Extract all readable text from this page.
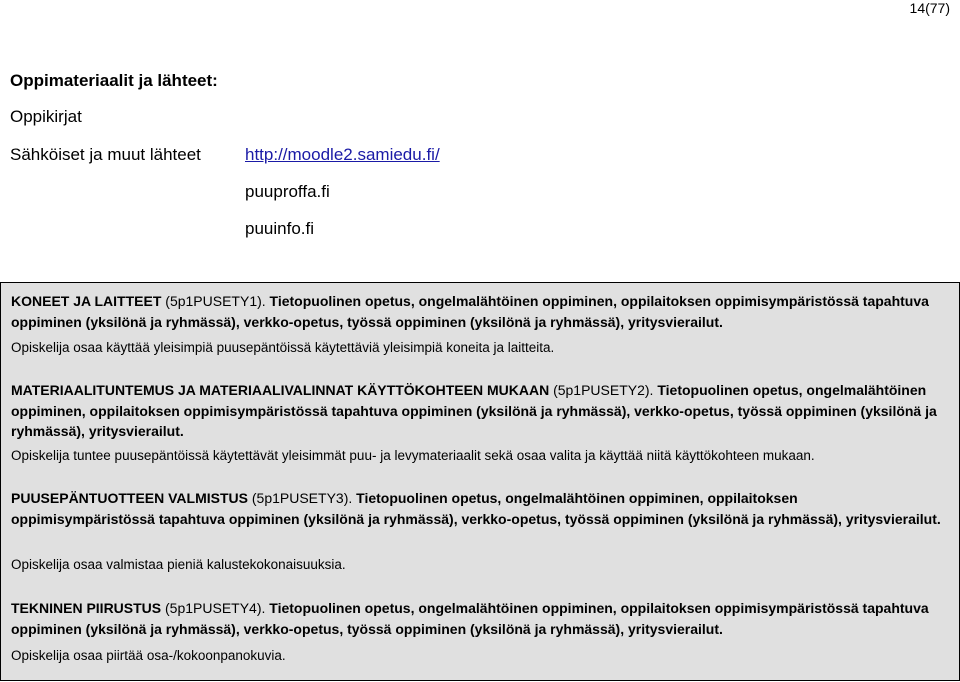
14(77)
Oppimateriaalit ja lähteet:
Oppikirjat
Sähköiset ja muut lähteet	http://moodle2.samiedu.fi/
puuproffa.fi
puuinfo.fi

KONEET JA LAITTEET (5p1PUSETY1). Tietopuolinen opetus, ongelmalähtöinen oppiminen, oppilaitoksen oppimisympäristössä tapahtuva oppiminen (yksilönä ja ryhmässä), verkko-opetus, työssä oppiminen (yksilönä ja ryhmässä), yritysvierailut.

Opiskelija osaa käyttää yleisimpiä puusepäntöissä käytettäviä yleisimpiä koneita ja laitteita.

MATERIAALITUNTEMUS JA MATERIAALIVALINNAT KÄYTTÖKOHTEEN MUKAAN (5p1PUSETY2). Tietopuolinen opetus, ongelmalähtöinen oppiminen, oppilaitoksen oppimisympäristössä tapahtuva oppiminen (yksilönä ja ryhmässä), verkko-opetus, työssä oppiminen (yksilönä ja ryhmässä), yritysvierailut.

Opiskelija tuntee puusepäntöissä käytettävät yleisimmät puu- ja levymateriaalit sekä osaa valita ja käyttää niitä käyttökohteen mukaan.

PUUSEPÄNTUOTTEEN VALMISTUS (5p1PUSETY3). Tietopuolinen opetus, ongelmalähtöinen oppiminen, oppilaitoksen oppimisympäristössä tapahtuva oppiminen (yksilönä ja ryhmässä), verkko-opetus, työssä oppiminen (yksilönä ja ryhmässä), yritysvierailut.

Opiskelija osaa valmistaa pieniä kalustekokonaisuuksia.

TEKNINEN PIIRUSTUS (5p1PUSETY4). Tietopuolinen opetus, ongelmalähtöinen oppiminen, oppilaitoksen oppimisympäristössä tapahtuva oppiminen (yksilönä ja ryhmässä), verkko-opetus, työssä oppiminen (yksilönä ja ryhmässä), yritysvierailut.

Opiskelija osaa piirtää osa-/kokoonpanokuvia.
